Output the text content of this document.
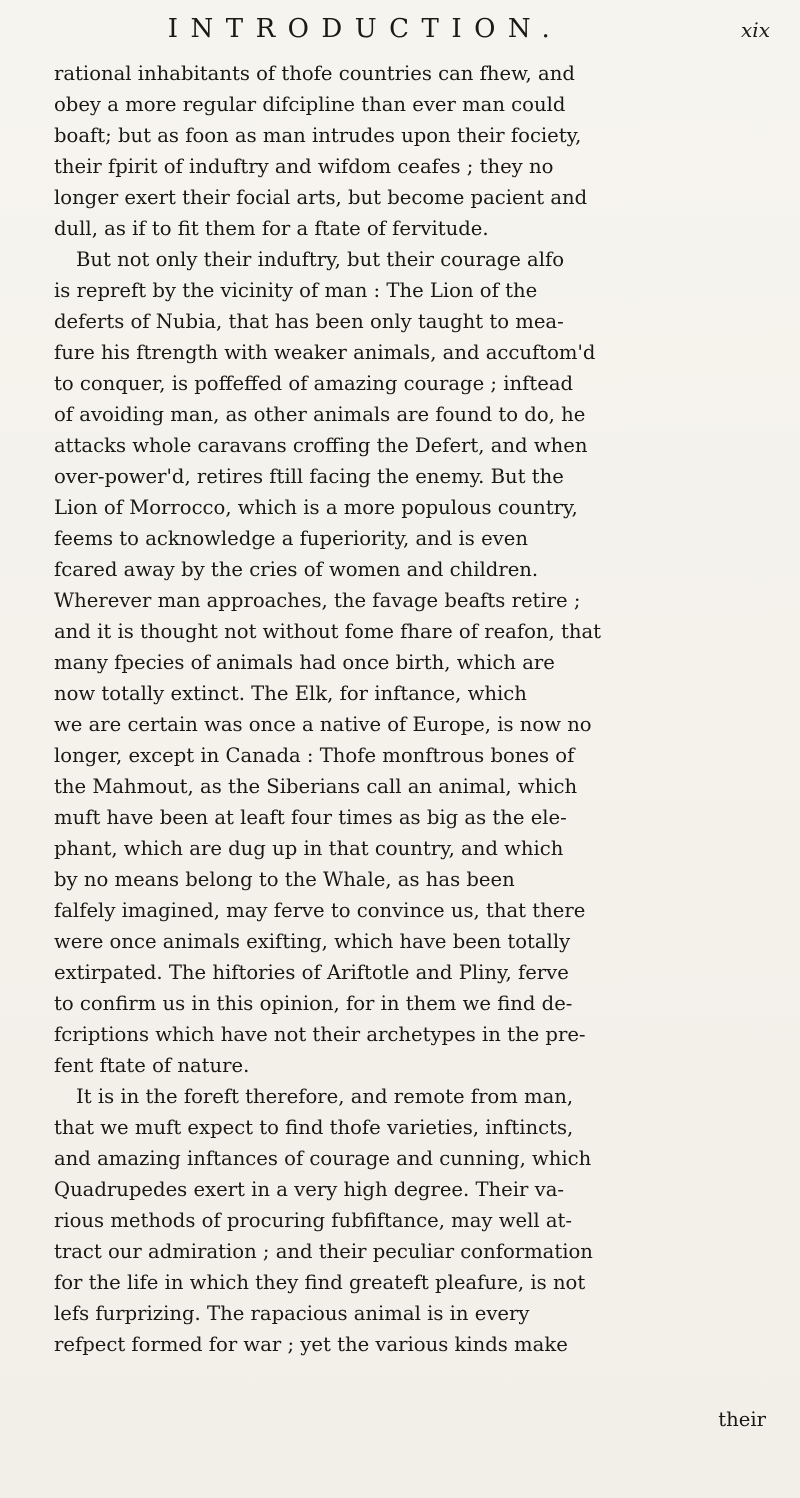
INTRODUCTION.	xix
rational inhabitants of thofe countries can fhew, and
obey a more regular difcipline than ever man could
boaft; but as foon as man intrudes upon their fociety,
their fpirit of induftry and wifdom ceafes ; they no
longer exert their focial arts, but become pacient and
dull, as if to fit them for a ftate of fervitude.
But not only their induftry, but their courage alfo
is repreft by the vicinity of man : The Lion of the
deferts of Nubia, that has been only taught to mea-
fure his ftrength with weaker animals, and accuftom'd
to conquer, is poffeffed of amazing courage ; inftead
of avoiding man, as other animals are found to do, he
attacks whole caravans croffing the Defert, and when
over-power'd, retires ftill facing the enemy. But the
Lion of Morrocco, which is a more populous country,
feems to acknowledge a fuperiority, and is even
fcared away by the cries of women and children.
Wherever man approaches, the favage beafts retire ;
and it is thought not without fome fhare of reafon, that
many fpecies of animals had once birth, which are
now totally extinct. The Elk, for inftance, which
we are certain was once a native of Europe, is now no
longer, except in Canada : Thofe monftrous bones of
the Mahmout, as the Siberians call an animal, which
muft have been at leaft four times as big as the ele-
phant, which are dug up in that country, and which
by no means belong to the Whale, as has been
falfely imagined, may ferve to convince us, that there
were once animals exifting, which have been totally
extirpated. The hiftories of Ariftotle and Pliny, ferve
to confirm us in this opinion, for in them we find de-
fcriptions which have not their archetypes in the pre-
fent ftate of nature.
It is in the foreft therefore, and remote from man,
that we muft expect to find thofe varieties, inftincts,
and amazing inftances of courage and cunning, which
Quadrupedes exert in a very high degree. Their va-
rious methods of procuring fubfiftance, may well at-
tract our admiration ; and their peculiar conformation
for the life in which they find greateft pleafure, is not
lefs furprizing. The rapacious animal is in every
refpect formed for war ; yet the various kinds make
their
